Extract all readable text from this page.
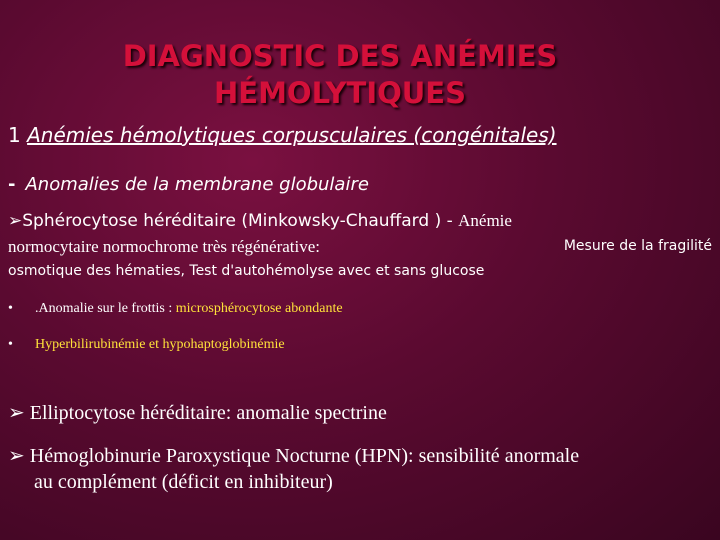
DIAGNOSTIC DES ANÉMIES
HÉMOLYTIQUES
1 Anémies hémolytiques corpusculaires (congénitales)
- Anomalies de la membrane globulaire
➢Sphérocytose héréditaire (Minkowsky-Chauffard ) - Anémie
normocytaire normochrome très régénérative:	Mesure de la fragilité
osmotique des hématies, Test d'autohémolyse avec et sans glucose
•	.Anomalie sur le frottis : microsphérocytose abondante
•	Hyperbilirubinémie et hypohaptoglobinémie
➢ Elliptocytose héréditaire: anomalie spectrine
➢ Hémoglobinurie Paroxystique Nocturne (HPN): sensibilité anormale
au complément (déficit en inhibiteur)
